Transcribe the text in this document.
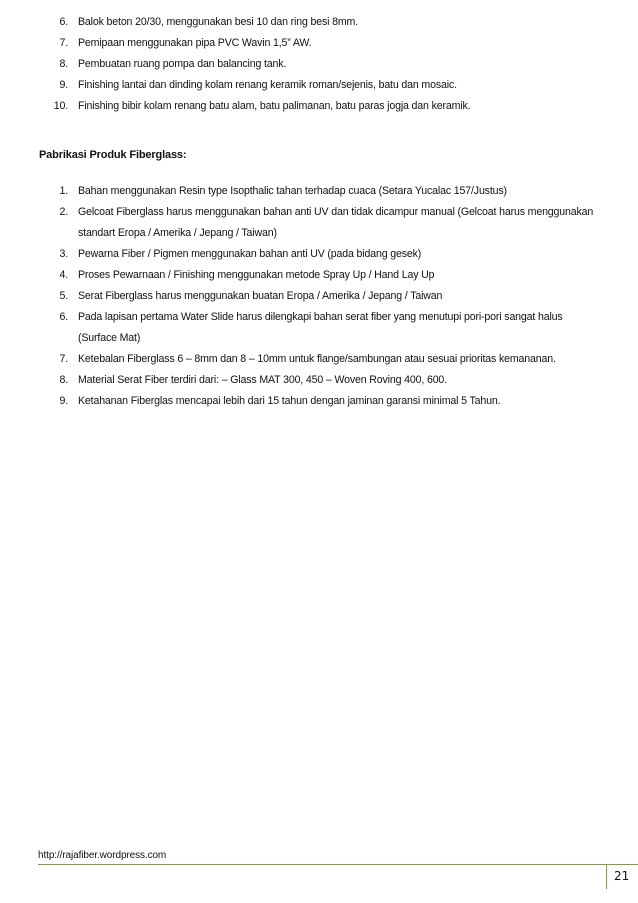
6. Balok beton 20/30, menggunakan besi 10 dan ring besi 8mm.
7. Pemipaan menggunakan pipa PVC Wavin 1,5” AW.
8. Pembuatan ruang pompa dan balancing tank.
9. Finishing lantai dan dinding kolam renang keramik roman/sejenis, batu dan mosaic.
10. Finishing bibir kolam renang batu alam, batu palimanan, batu paras jogja dan keramik.
Pabrikasi Produk Fiberglass:
1. Bahan menggunakan Resin type Isopthalic tahan terhadap cuaca (Setara Yucalac 157/Justus)
2. Gelcoat Fiberglass harus menggunakan bahan anti UV dan tidak dicampur manual (Gelcoat harus menggunakan standart Eropa / Amerika / Jepang / Taiwan)
3. Pewarna Fiber / Pigmen menggunakan bahan anti UV (pada bidang gesek)
4. Proses Pewarnaan / Finishing menggunakan metode Spray Up / Hand Lay Up
5. Serat Fiberglass harus menggunakan buatan Eropa / Amerika / Jepang / Taiwan
6. Pada lapisan pertama Water Slide harus dilengkapi bahan serat fiber yang menutupi pori-pori sangat halus (Surface Mat)
7. Ketebalan Fiberglass 6 – 8mm dan 8 – 10mm untuk flange/sambungan atau sesuai prioritas kemananan.
8. Material Serat Fiber terdiri dari: – Glass MAT 300, 450 – Woven Roving 400, 600.
9. Ketahanan Fiberglas mencapai lebih dari 15 tahun dengan jaminan garansi minimal 5 Tahun.
http://rajafiber.wordpress.com
21
